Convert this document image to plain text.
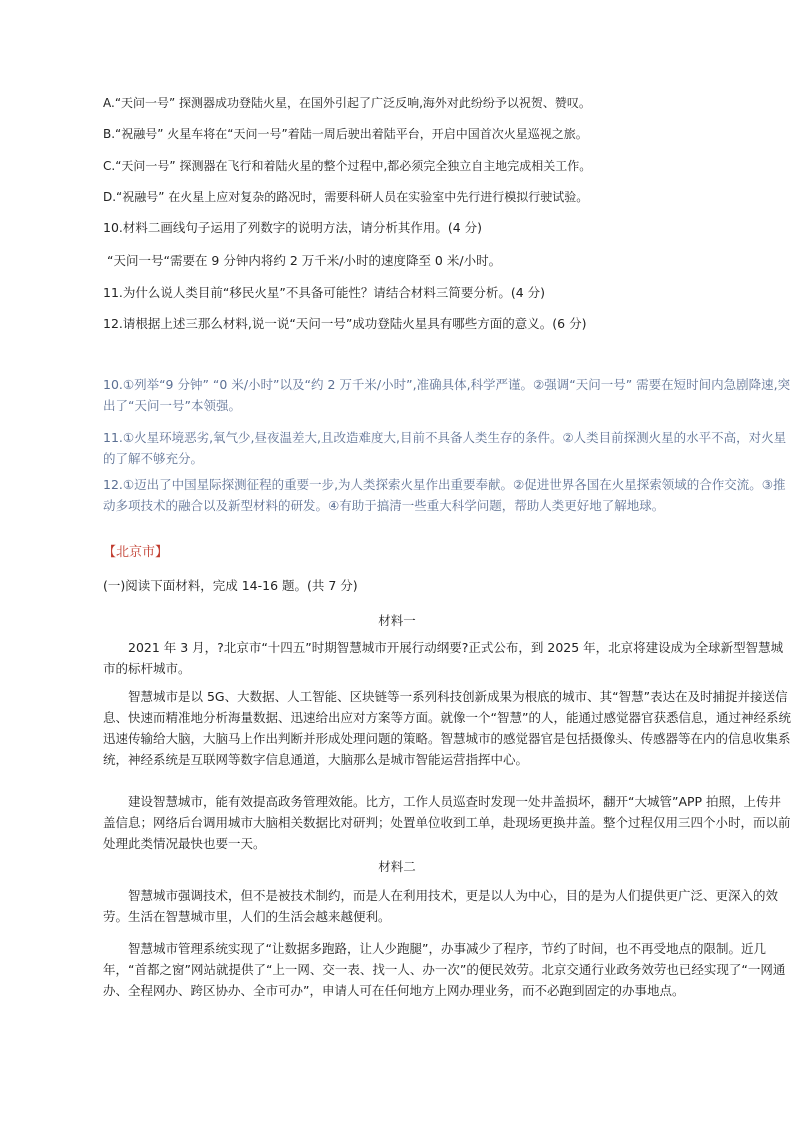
A.“天问一号” 探测器成功登陆火星，在国外引起了广泛反响,海外对此纷纷予以祝贺、赞叹。
B.“祝融号” 火星车将在“天问一号”着陆一周后驶出着陆平台，开启中国首次火星巡视之旅。
C.“天问一号” 探测器在飞行和着陆火星的整个过程中,都必须完全独立自主地完成相关工作。
D.“祝融号” 在火星上应对复杂的路况时，需要科研人员在实验室中先行进行模拟行驶试验。
10.材料二画线句子运用了列数字的说明方法，请分析其作用。(4 分)
“天问一号“需要在 9 分钟内将约 2 万千米/小时的速度降至 0 米/小时。
11.为什么说人类目前“移民火星”不具备可能性？请结合材料三简要分析。(4 分)
12.请根据上述三那么材料,说一说“天问一号”成功登陆火星具有哪些方面的意义。(6 分)

10.①列举“9 分钟” “0 米/小时”以及“约 2 万千米/小时”,准确具体,科学严谨。②强调“天问一号” 需要在短时间内急剧降速,突出了“天问一号”本领强。

11.①火星环境恶劣,氧气少,昼夜温差大,且改造难度大,目前不具备人类生存的条件。②人类目前探测火星的水平不高，对火星的了解不够充分。

12.①迈出了中国星际探测征程的重要一步,为人类探索火星作出重要奉献。②促进世界各国在火星探索领域的合作交流。③推动多项技术的融合以及新型材料的研发。④有助于搞清一些重大科学问题，帮助人类更好地了解地球。

【北京市】
(一)阅读下面材料，完成 14-16 题。(共 7 分)
材料一

2021 年 3 月，?北京市“十四五”时期智慧城市开展行动纲要?正式公布，到 2025 年，北京将建设成为全球新型智慧城市的标杆城市。

智慧城市是以 5G、大数据、人工智能、区块链等一系列科技创新成果为根底的城市、其“智慧”表达在及时捕捉并接送信息、快速而精准地分析海量数据、迅速给出应对方案等方面。就像一个“智慧”的人，能通过感觉器官获悉信息，通过神经系统迅速传输给大脑，大脑马上作出判断并形成处理问题的策略。智慧城市的感觉器官是包括摄像头、传感器等在内的信息收集系统，神经系统是互联网等数字信息通道，大脑那么是城市智能运营指挥中心。

建设智慧城市，能有效提高政务管理效能。比方，工作人员巡查时发现一处井盖损坏，翻开“大城管”APP 拍照，上传井盖信息；网络后台调用城市大脑相关数据比对研判；处置单位收到工单，赴现场更换井盖。整个过程仅用三四个小时，而以前处理此类情况最快也要一天。

材料二

智慧城市强调技术，但不是被技术制约，而是人在利用技术，更是以人为中心，目的是为人们提供更广泛、更深入的效劳。生活在智慧城市里，人们的生活会越来越便利。

智慧城市管理系统实现了“让数据多跑路，让人少跑腿”，办事减少了程序，节约了时间，也不再受地点的限制。近几年，“首都之窗”网站就提供了“上一网、交一表、找一人、办一次”的便民效劳。北京交通行业政务效劳也已经实现了“一网通办、全程网办、跨区协办、全市可办”，申请人可在任何地方上网办理业务，而不必跑到固定的办事地点。
